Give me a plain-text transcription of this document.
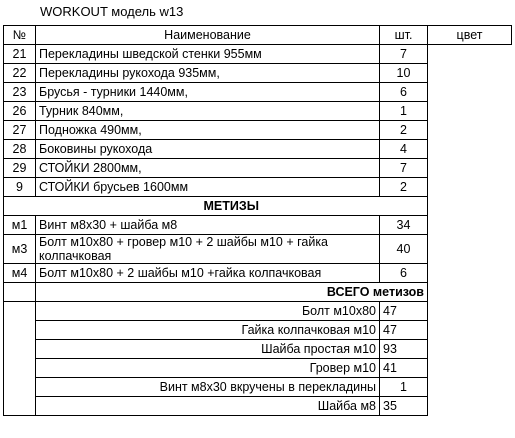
WORKOUT модель w13
№	Наименование	шт.	цвет
21	Перекладины шведской стенки 955мм	7	
22	Перекладины рукохода 935мм,	10	
23	Брусья - турники 1440мм,	6	
26	Турник 840мм,	1	
27	Подножка 490мм,	2	
28	Боковины рукохода	4	
29	СТОЙКИ 2800мм,	7	
9	СТОЙКИ брусьев 1600мм	2	
	МЕТИЗЫ		
м1	Винт м8х30 + шайба м8	34	
м3	Болт м10х80 + гровер м10 + 2 шайбы м10 + гайка колпачковая	40	
м4	Болт м10х80 + 2 шайбы м10 +гайка колпачковая	6	
	ВСЕГО метизов		
	Болт м10х80	47	
	Гайка колпачковая м10	47	
	Шайба простая м10	93	
	Гровер м10	41	
	Винт м8х30 вкручены в перекладины	1	
	Шайба м8	35	
